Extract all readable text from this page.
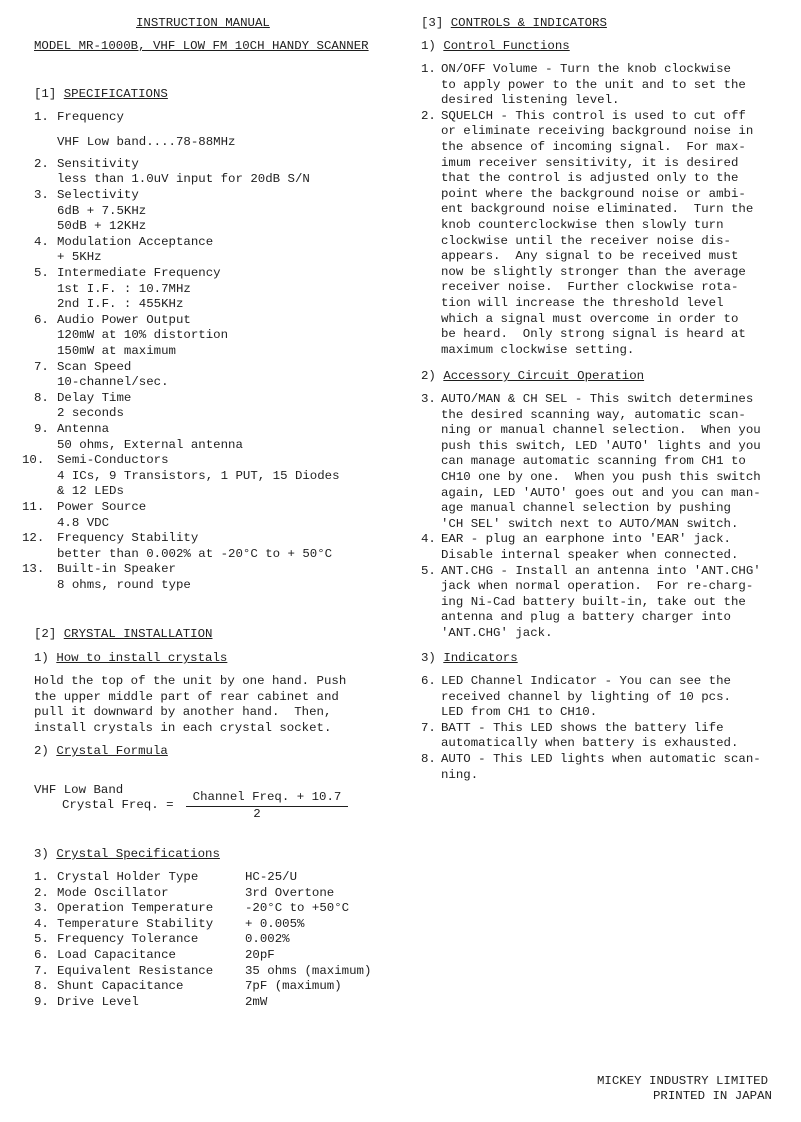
INSTRUCTION MANUAL
MODEL MR-1000B, VHF LOW FM 10CH HANDY SCANNER
[1] SPECIFICATIONS
1. Frequency
VHF Low band....78-88MHz
2. Sensitivity
less than 1.0uV input for 20dB S/N
3. Selectivity
6dB + 7.5KHz
50dB + 12KHz
4. Modulation Acceptance
+ 5KHz
5. Intermediate Frequency
1st I.F. : 10.7MHz
2nd I.F. : 455KHz
6. Audio Power Output
120mW at 10% distortion
150mW at maximum
7. Scan Speed
10-channel/sec.
8. Delay Time
2 seconds
9. Antenna
50 ohms, External antenna
10. Semi-Conductors
4 ICs, 9 Transistors, 1 PUT, 15 Diodes
& 12 LEDs
11. Power Source
4.8 VDC
12. Frequency Stability
better than 0.002% at -20°C to + 50°C
13. Built-in Speaker
8 ohms, round type
[2] CRYSTAL INSTALLATION
1) How to install crystals
Hold the top of the unit by one hand. Push
the upper middle part of rear cabinet and
pull it downward by another hand.  Then,
install crystals in each crystal socket.
2) Crystal Formula
VHF Low Band
Crystal Freq. =
Channel Freq. + 10.7
2
3) Crystal Specifications
1. Crystal Holder Type	HC-25/U
2. Mode Oscillator	3rd Overtone
3. Operation Temperature	-20°C to +50°C
4. Temperature Stability	+ 0.005%
5. Frequency Tolerance	0.002%
6. Load Capacitance	20pF
7. Equivalent Resistance	35 ohms (maximum)
8. Shunt Capacitance	7pF (maximum)
9. Drive Level	2mW
[3] CONTROLS & INDICATORS
1) Control Functions
1. ON/OFF Volume - Turn the knob clockwise
to apply power to the unit and to set the
desired listening level.
2. SQUELCH - This control is used to cut off
or eliminate receiving background noise in
the absence of incoming signal.  For max-
imum receiver sensitivity, it is desired
that the control is adjusted only to the
point where the background noise or ambi-
ent background noise eliminated.  Turn the
knob counterclockwise then slowly turn
clockwise until the receiver noise dis-
appears.  Any signal to be received must
now be slightly stronger than the average
receiver noise.  Further clockwise rota-
tion will increase the threshold level
which a signal must overcome in order to
be heard.  Only strong signal is heard at
maximum clockwise setting.
2) Accessory Circuit Operation
3. AUTO/MAN & CH SEL - This switch determines
the desired scanning way, automatic scan-
ning or manual channel selection.  When you
push this switch, LED 'AUTO' lights and you
can manage automatic scanning from CH1 to
CH10 one by one.  When you push this switch
again, LED 'AUTO' goes out and you can man-
age manual channel selection by pushing
'CH SEL' switch next to AUTO/MAN switch.
4. EAR - plug an earphone into 'EAR' jack.
Disable internal speaker when connected.
5. ANT.CHG - Install an antenna into 'ANT.CHG'
jack when normal operation.  For re-charg-
ing Ni-Cad battery built-in, take out the
antenna and plug a battery charger into
'ANT.CHG' jack.
3) Indicators
6. LED Channel Indicator - You can see the
received channel by lighting of 10 pcs.
LED from CH1 to CH10.
7. BATT - This LED shows the battery life
automatically when battery is exhausted.
8. AUTO - This LED lights when automatic scan-
ning.
MICKEY INDUSTRY LIMITED
PRINTED IN JAPAN
